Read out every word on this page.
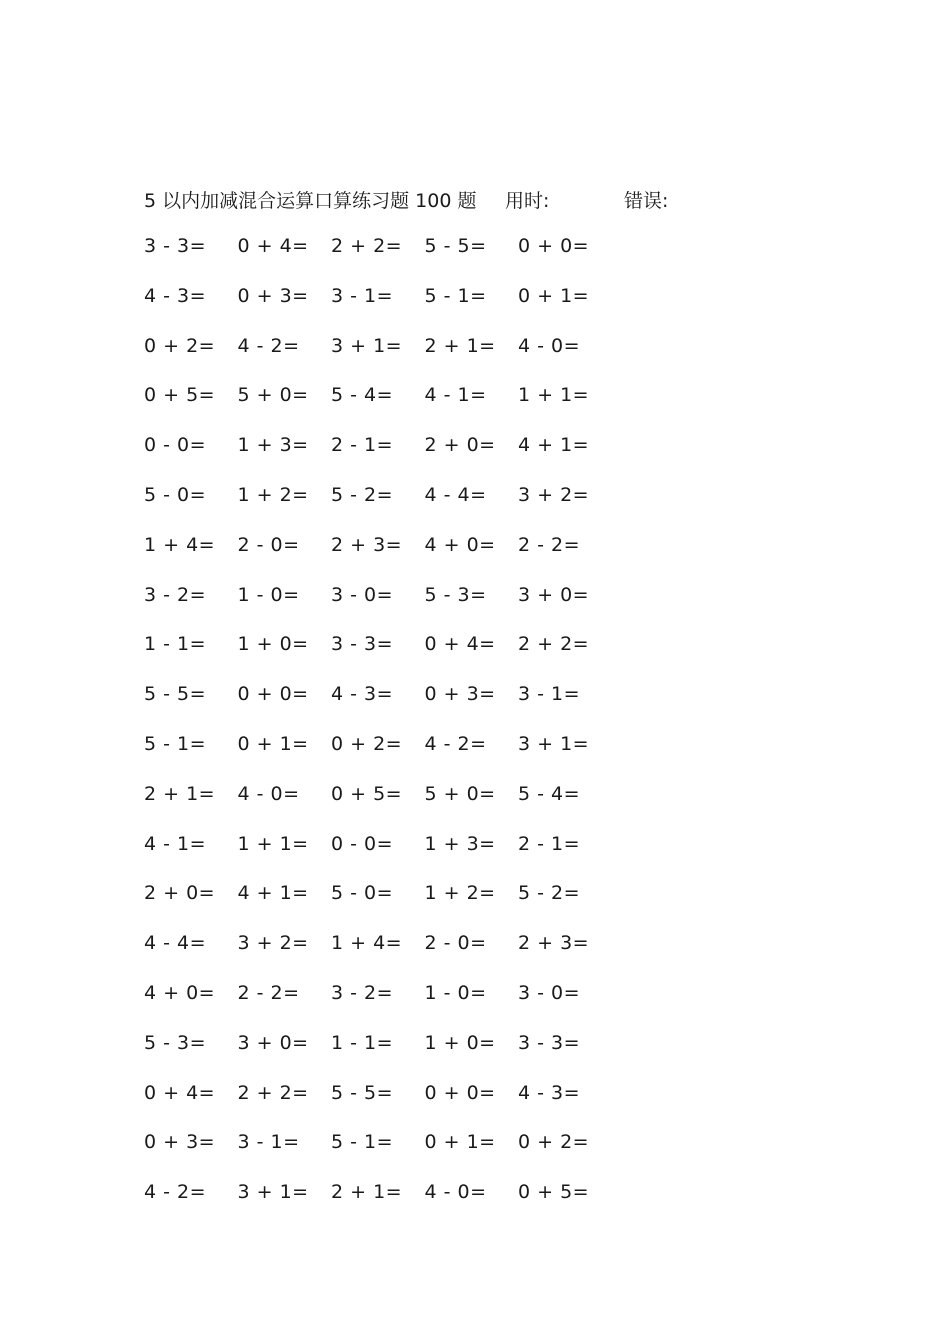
5 以内加减混合运算口算练习题 100 题 用时:	错误:
3 - 3=	0 + 4=	2 + 2=	5 - 5=	0 + 0=
4 - 3=	0 + 3=	3 - 1=	5 - 1=	0 + 1=
0 + 2=	4 - 2=	3 + 1=	2 + 1=	4 - 0=
0 + 5=	5 + 0=	5 - 4=	4 - 1=	1 + 1=
0 - 0=	1 + 3=	2 - 1=	2 + 0=	4 + 1=
5 - 0=	1 + 2=	5 - 2=	4 - 4=	3 + 2=
1 + 4=	2 - 0=	2 + 3=	4 + 0=	2 - 2=
3 - 2=	1 - 0=	3 - 0=	5 - 3=	3 + 0=
1 - 1=	1 + 0=	3 - 3=	0 + 4=	2 + 2=
5 - 5=	0 + 0=	4 - 3=	0 + 3=	3 - 1=
5 - 1=	0 + 1=	0 + 2=	4 - 2=	3 + 1=
2 + 1=	4 - 0=	0 + 5=	5 + 0=	5 - 4=
4 - 1=	1 + 1=	0 - 0=	1 + 3=	2 - 1=
2 + 0=	4 + 1=	5 - 0=	1 + 2=	5 - 2=
4 - 4=	3 + 2=	1 + 4=	2 - 0=	2 + 3=
4 + 0=	2 - 2=	3 - 2=	1 - 0=	3 - 0=
5 - 3=	3 + 0=	1 - 1=	1 + 0=	3 - 3=
0 + 4=	2 + 2=	5 - 5=	0 + 0=	4 - 3=
0 + 3=	3 - 1=	5 - 1=	0 + 1=	0 + 2=
4 - 2=	3 + 1=	2 + 1=	4 - 0=	0 + 5=
